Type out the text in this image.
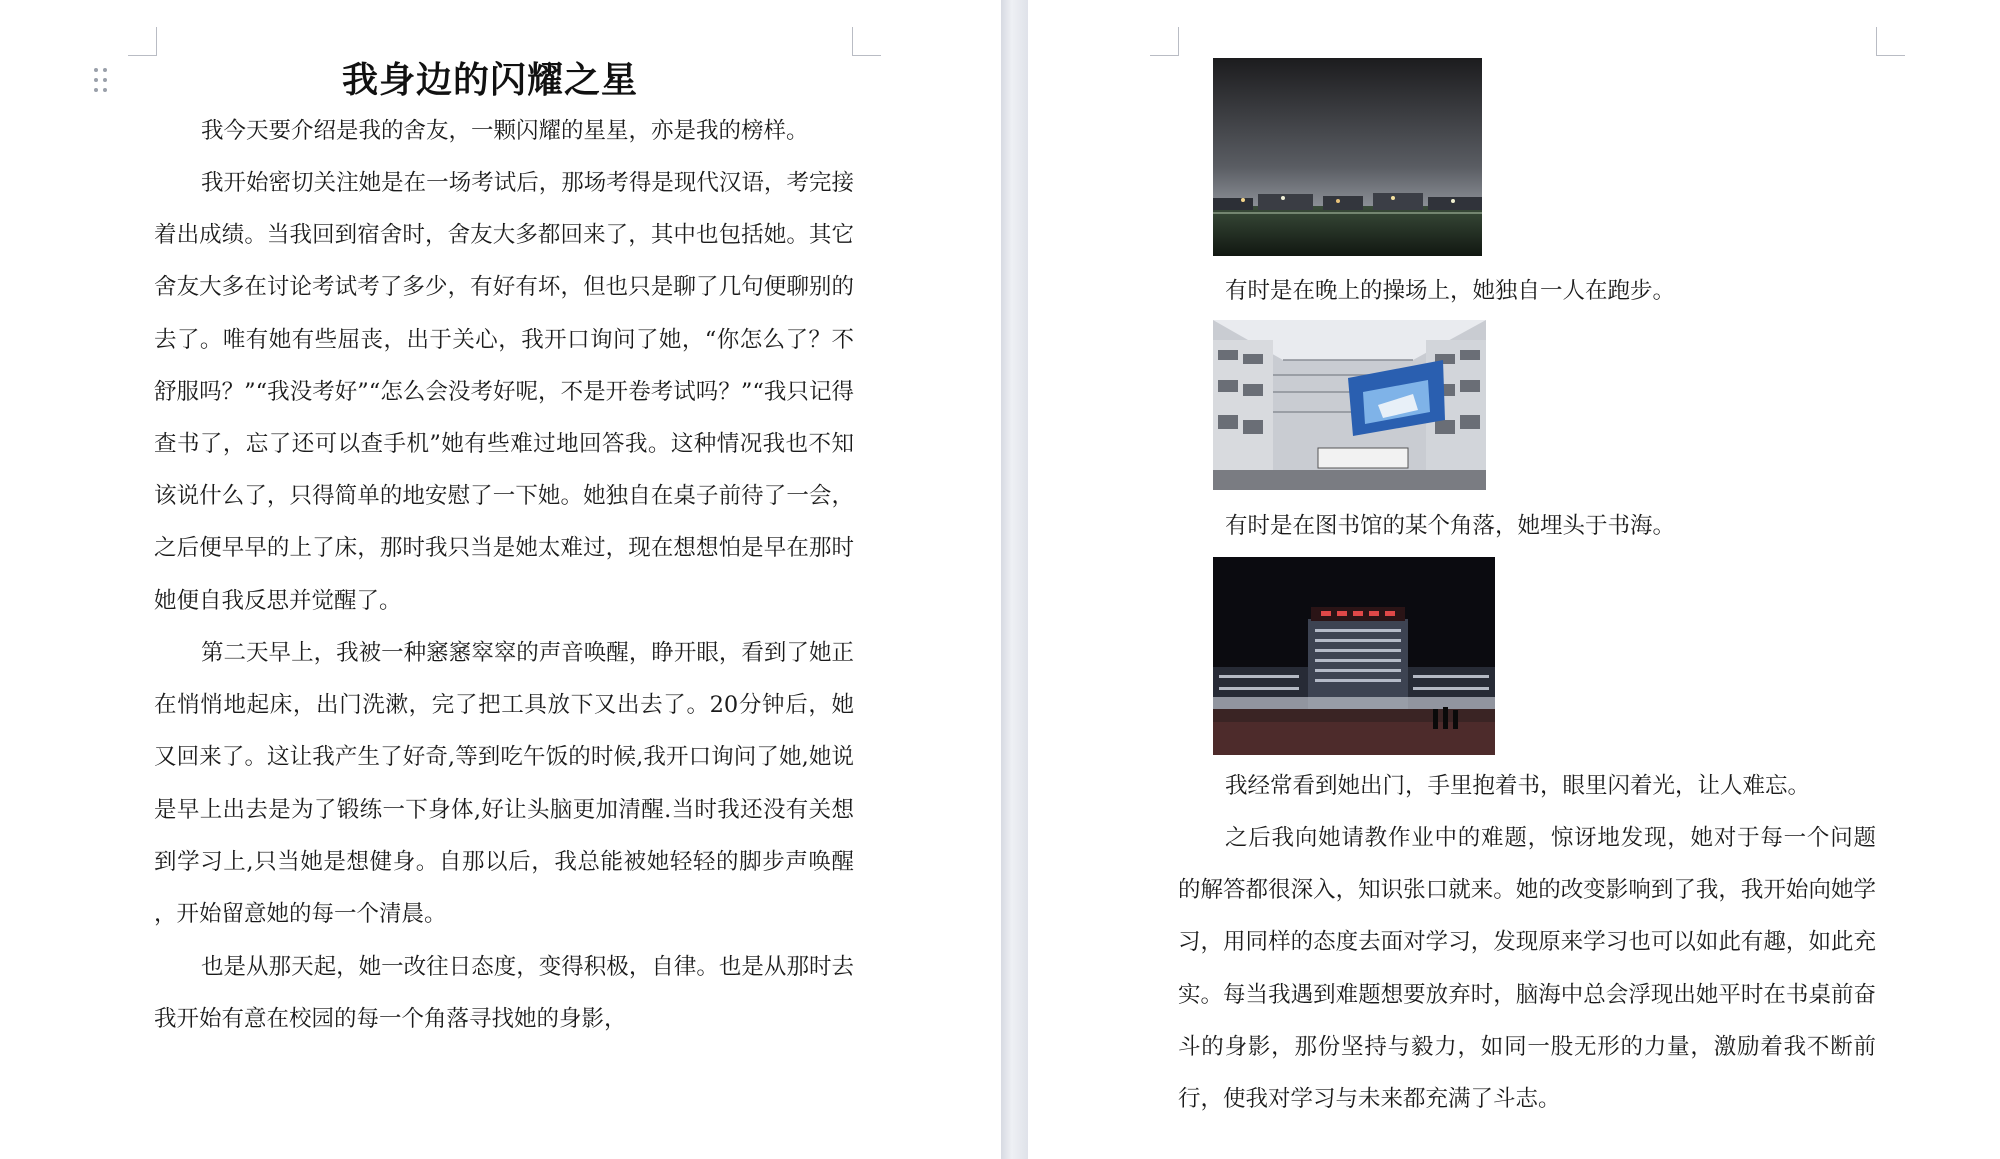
我身边的闪耀之星

我今天要介绍是我的舍友，一颗闪耀的星星，亦是我的榜样。

我开始密切关注她是在一场考试后，那场考得是现代汉语，考完接着出成绩。当我回到宿舍时，舍友大多都回来了，其中也包括她。其它舍友大多在讨论考试考了多少，有好有坏，但也只是聊了几句便聊别的去了。唯有她有些屈丧，出于关心，我开口询问了她，“你怎么了？不舒服吗？”“我没考好”“怎么会没考好呢，不是开卷考试吗？”“我只记得查书了，忘了还可以查手机”她有些难过地回答我。这种情况我也不知该说什么了，只得简单的地安慰了一下她。她独自在桌子前待了一会，之后便早早的上了床，那时我只当是她太难过，现在想想怕是早在那时她便自我反思并觉醒了。

第二天早上，我被一种窸窸窣窣的声音唤醒，睁开眼，看到了她正在悄悄地起床，出门洗漱，完了把工具放下又出去了。20分钟后，她又回来了。这让我产生了好奇,等到吃午饭的时候,我开口询问了她,她说是早上出去是为了锻练一下身体,好让头脑更加清醒.当时我还没有关想到学习上,只当她是想健身。自那以后，我总能被她轻轻的脚步声唤醒 ，开始留意她的每一个清晨。

也是从那天起，她一改往日态度，变得积极，自律。也是从那时去我开始有意在校园的每一个角落寻找她的身影，

有时是在晚上的操场上，她独自一人在跑步。

有时是在图书馆的某个角落，她埋头于书海。

我经常看到她出门，手里抱着书，眼里闪着光，让人难忘。

之后我向她请教作业中的难题，惊讶地发现，她对于每一个问题的解答都很深入，知识张口就来。她的改变影响到了我，我开始向她学习，用同样的态度去面对学习，发现原来学习也可以如此有趣，如此充实。每当我遇到难题想要放弃时，脑海中总会浮现出她平时在书桌前奋斗的身影，那份坚持与毅力，如同一股无形的力量，激励着我不断前行，使我对学习与未来都充满了斗志。
